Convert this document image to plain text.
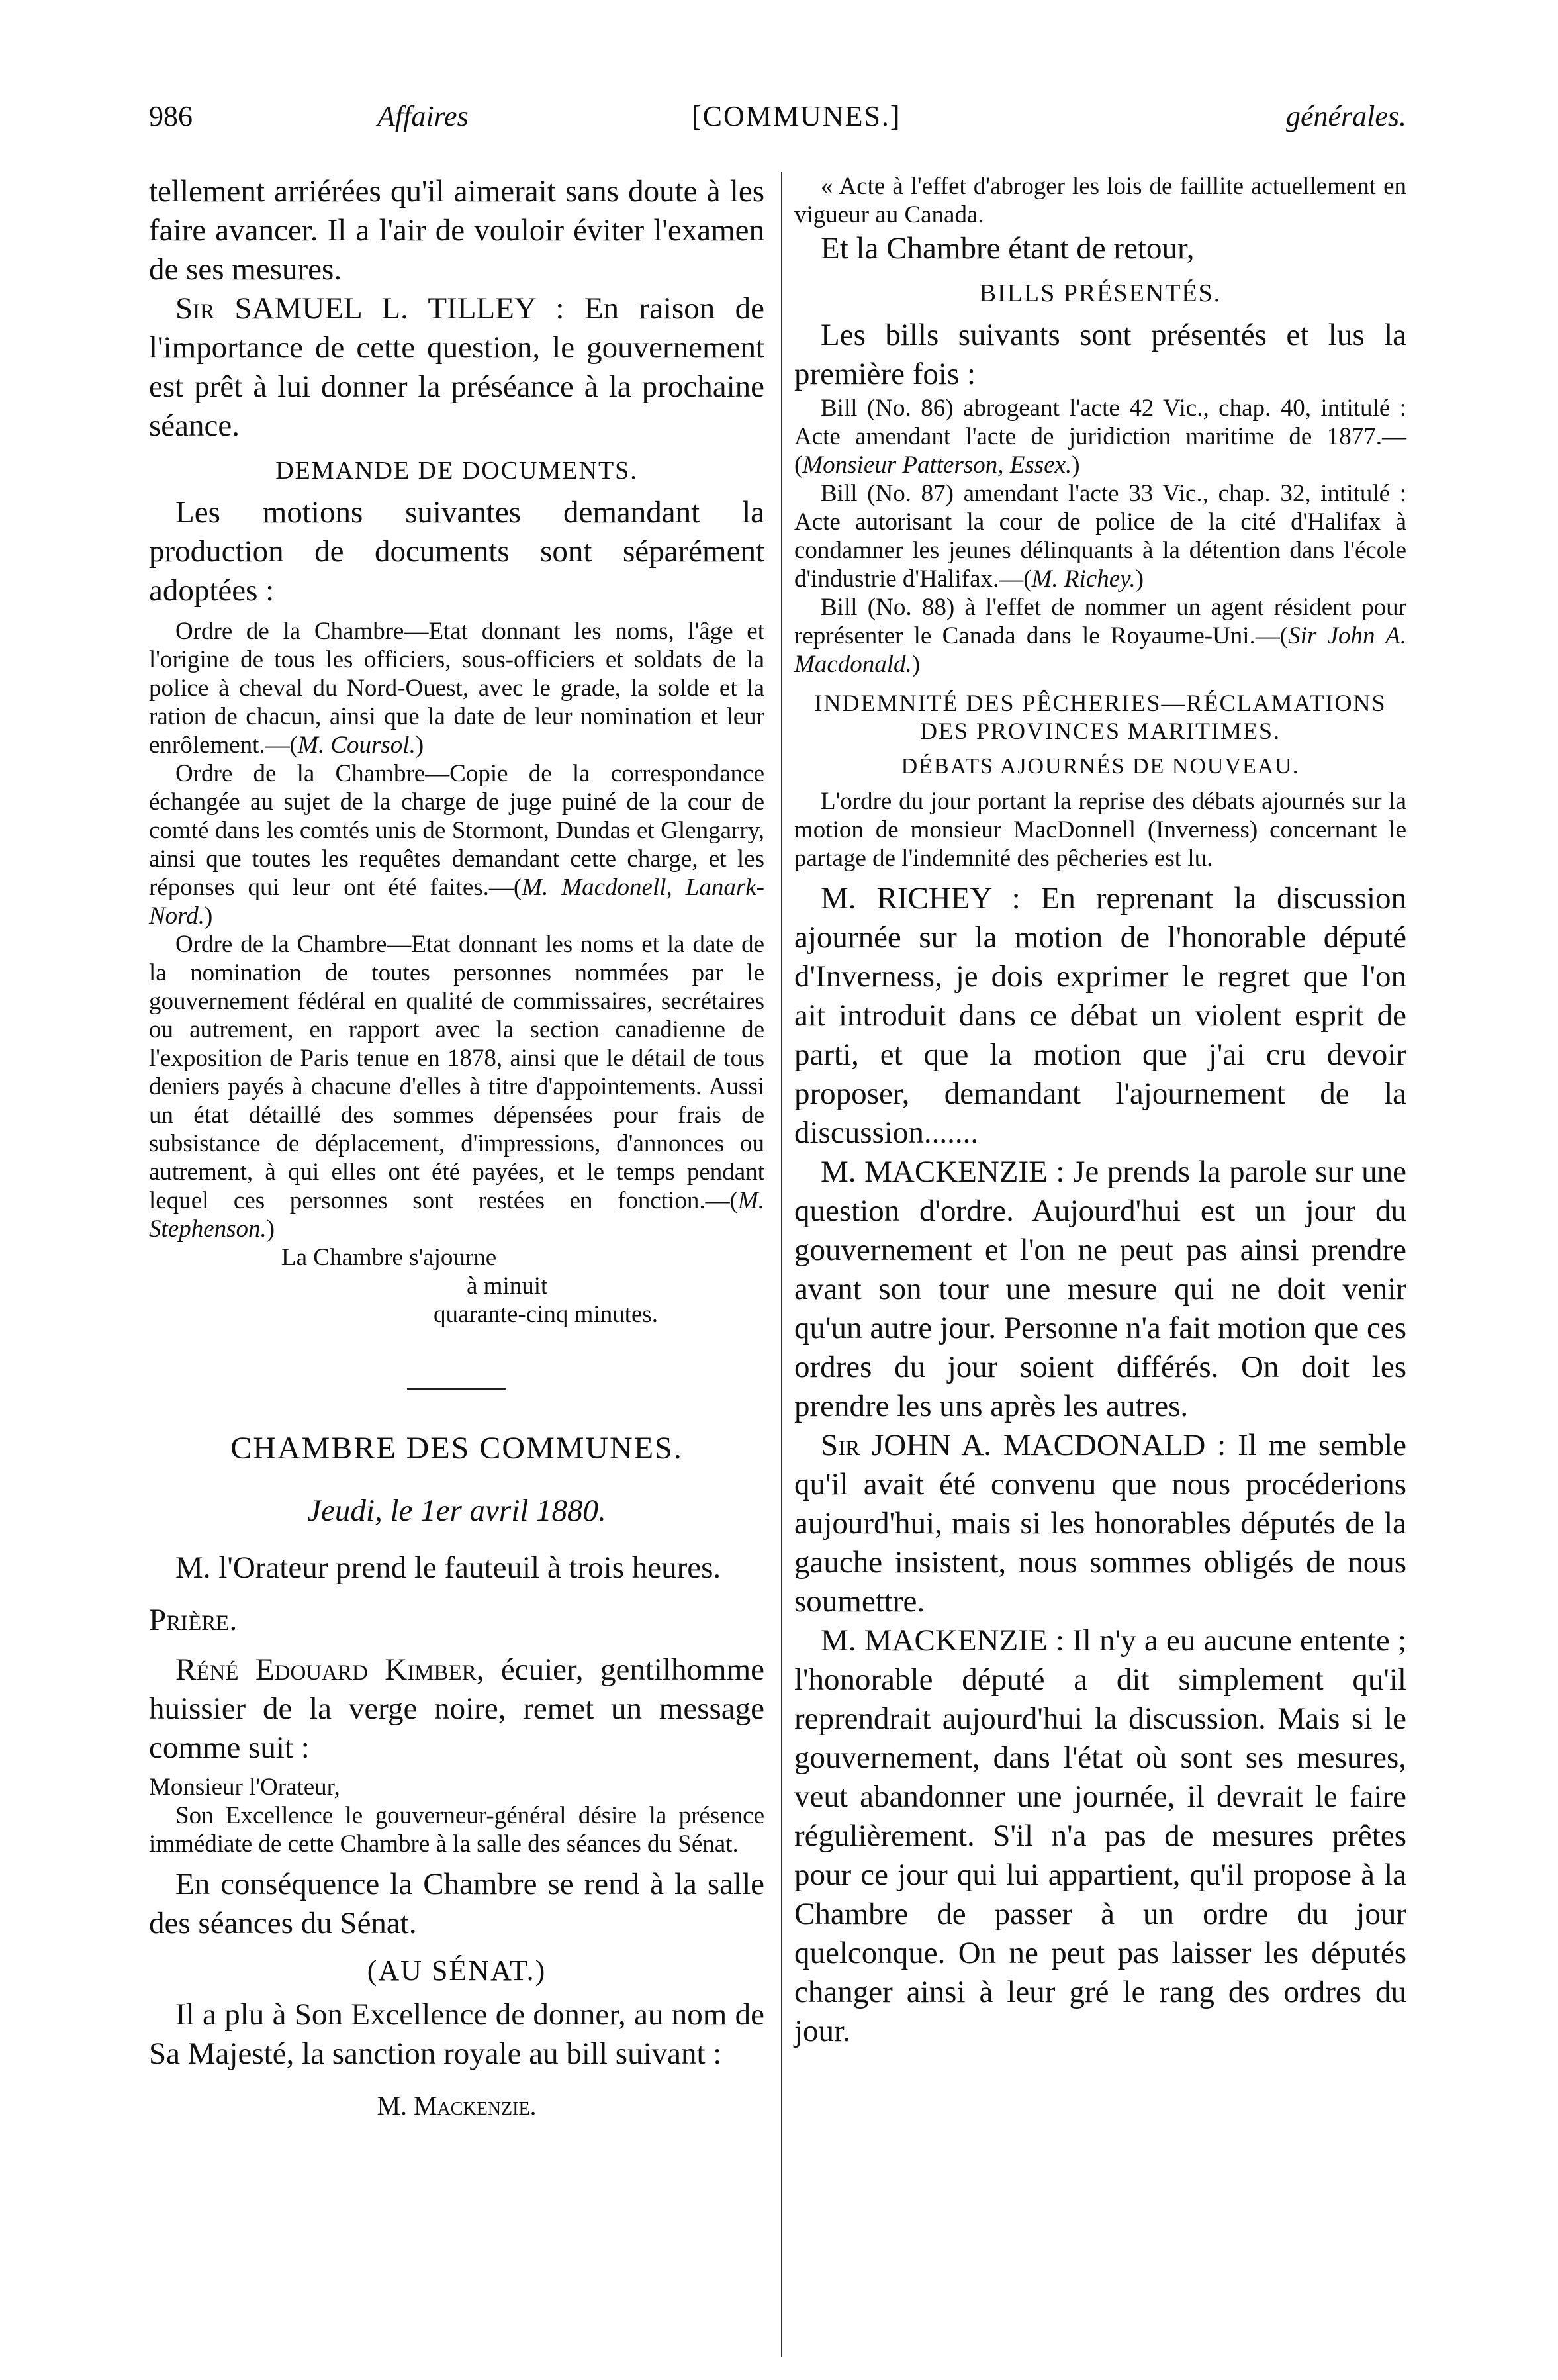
986	Affaires	[COMMUNES.]	générales.

tellement arriérées qu'il aimerait sans doute à les faire avancer. Il a l'air de vouloir éviter l'examen de ses mesures.

Sir SAMUEL L. TILLEY : En raison de l'importance de cette question, le gouvernement est prêt à lui donner la préséance à la prochaine séance.

DEMANDE DE DOCUMENTS.

Les motions suivantes demandant la production de documents sont séparément adoptées :

Ordre de la Chambre—Etat donnant les noms, l'âge et l'origine de tous les officiers, sous-officiers et soldats de la police à cheval du Nord-Ouest, avec le grade, la solde et la ration de chacun, ainsi que la date de leur nomination et leur enrôlement.—(M. Coursol.)

Ordre de la Chambre—Copie de la correspondance échangée au sujet de la charge de juge puiné de la cour de comté dans les comtés unis de Stormont, Dundas et Glengarry, ainsi que toutes les requêtes demandant cette charge, et les réponses qui leur ont été faites.—(M. Macdonell, Lanark-Nord.)

Ordre de la Chambre—Etat donnant les noms et la date de la nomination de toutes personnes nommées par le gouvernement fédéral en qualité de commissaires, secrétaires ou autrement, en rapport avec la section canadienne de l'exposition de Paris tenue en 1878, ainsi que le détail de tous deniers payés à chacune d'elles à titre d'appointements. Aussi un état détaillé des sommes dépensées pour frais de subsistance de déplacement, d'impressions, d'annonces ou autrement, à qui elles ont été payées, et le temps pendant lequel ces personnes sont restées en fonction.—(M. Stephenson.)

La Chambre s'ajourne
à minuit
quarante-cinq minutes.

CHAMBRE DES COMMUNES.

Jeudi, le 1er avril 1880.

M. l'Orateur prend le fauteuil à trois heures.

Prière.

Réné Edouard Kimber, écuier, gentilhomme huissier de la verge noire, remet un message comme suit :

Monsieur l'Orateur,

Son Excellence le gouverneur-général désire la présence immédiate de cette Chambre à la salle des séances du Sénat.

En conséquence la Chambre se rend à la salle des séances du Sénat.

(AU SÉNAT.)

Il a plu à Son Excellence de donner, au nom de Sa Majesté, la sanction royale au bill suivant :

M. Mackenzie.

« Acte à l'effet d'abroger les lois de faillite actuellement en vigueur au Canada.

Et la Chambre étant de retour,

BILLS PRÉSENTÉS.

Les bills suivants sont présentés et lus la première fois :

Bill (No. 86) abrogeant l'acte 42 Vic., chap. 40, intitulé : Acte amendant l'acte de juridiction maritime de 1877.—(Monsieur Patterson, Essex.)

Bill (No. 87) amendant l'acte 33 Vic., chap. 32, intitulé : Acte autorisant la cour de police de la cité d'Halifax à condamner les jeunes délinquants à la détention dans l'école d'industrie d'Halifax.—(M. Richey.)

Bill (No. 88) à l'effet de nommer un agent résident pour représenter le Canada dans le Royaume-Uni.—(Sir John A. Macdonald.)

INDEMNITÉ DES PÊCHERIES—RÉCLAMATIONS DES PROVINCES MARITIMES.

DÉBATS AJOURNÉS DE NOUVEAU.

L'ordre du jour portant la reprise des débats ajournés sur la motion de monsieur MacDonnell (Inverness) concernant le partage de l'indemnité des pêcheries est lu.

M. RICHEY : En reprenant la discussion ajournée sur la motion de l'honorable député d'Inverness, je dois exprimer le regret que l'on ait introduit dans ce débat un violent esprit de parti, et que la motion que j'ai cru devoir proposer, demandant l'ajournement de la discussion.......

M. MACKENZIE : Je prends la parole sur une question d'ordre. Aujourd'hui est un jour du gouvernement et l'on ne peut pas ainsi prendre avant son tour une mesure qui ne doit venir qu'un autre jour. Personne n'a fait motion que ces ordres du jour soient différés. On doit les prendre les uns après les autres.

Sir JOHN A. MACDONALD : Il me semble qu'il avait été convenu que nous procéderions aujourd'hui, mais si les honorables députés de la gauche insistent, nous sommes obligés de nous soumettre.

M. MACKENZIE : Il n'y a eu aucune entente ; l'honorable député a dit simplement qu'il reprendrait aujourd'hui la discussion. Mais si le gouvernement, dans l'état où sont ses mesures, veut abandonner une journée, il devrait le faire régulièrement. S'il n'a pas de mesures prêtes pour ce jour qui lui appartient, qu'il propose à la Chambre de passer à un ordre du jour quelconque. On ne peut pas laisser les députés changer ainsi à leur gré le rang des ordres du jour.
